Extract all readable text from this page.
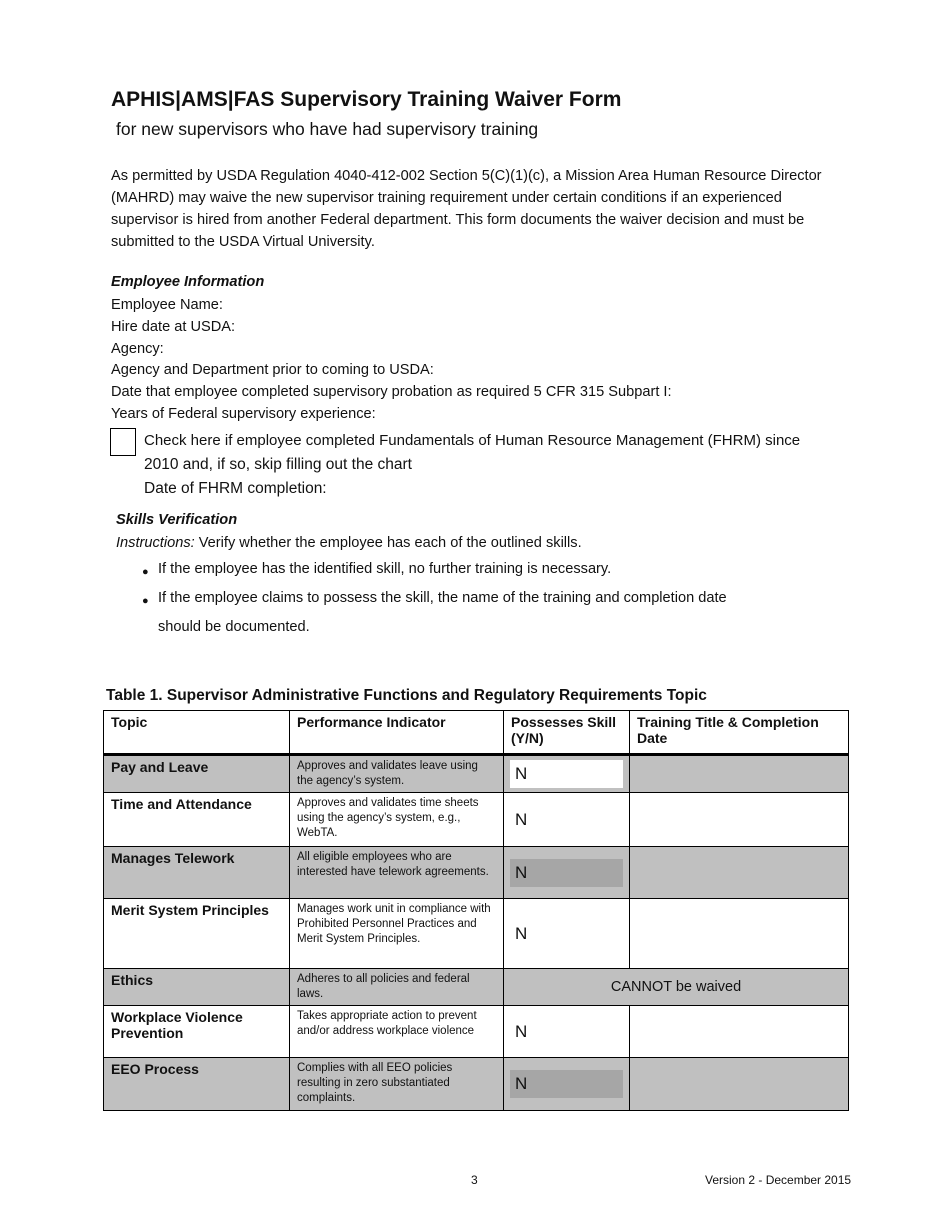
APHIS|AMS|FAS Supervisory Training Waiver Form
for new supervisors who have had supervisory training
As permitted by USDA Regulation 4040-412-002 Section 5(C)(1)(c), a Mission Area Human Resource Director (MAHRD) may waive the new supervisor training requirement under certain conditions if an experienced supervisor is hired from another Federal department. This form documents the waiver decision and must be submitted to the USDA Virtual University.
Employee Information
Employee Name:
Hire date at USDA:
Agency:
Agency and Department prior to coming to USDA:
Date that employee completed supervisory probation as required 5 CFR 315 Subpart I:
Years of Federal supervisory experience:
Check here if employee completed Fundamentals of Human Resource Management (FHRM) since
2010 and, if so, skip filling out the chart
Date of FHRM completion:
Skills Verification
Instructions: Verify whether the employee has each of the outlined skills.
● If the employee has the identified skill, no further training is necessary.
● If the employee claims to possess the skill, the name of the training and completion date
should be documented.
Table 1. Supervisor Administrative Functions and Regulatory Requirements Topic
Topic	Performance Indicator	Possesses Skill (Y/N)	Training Title & Completion Date
Pay and Leave	Approves and validates leave using the agency’s system.	N	

Time and Attendance	Approves and validates time sheets using the agency’s system, e.g., WebTA.	N	

Manages Telework	All eligible employees who are interested have telework agreements.	N	

Merit System Principles	Manages work unit in compliance with Prohibited Personnel Practices and Merit System Principles.	N	

Ethics	Adheres to all policies and federal laws.	CANNOT be waived	
Workplace Violence Prevention	Takes appropriate action to prevent and/or address workplace violence	N	

EEO Process	Complies with all EEO policies resulting in zero substantiated complaints.	N	

3	Version 2 - December 2015
